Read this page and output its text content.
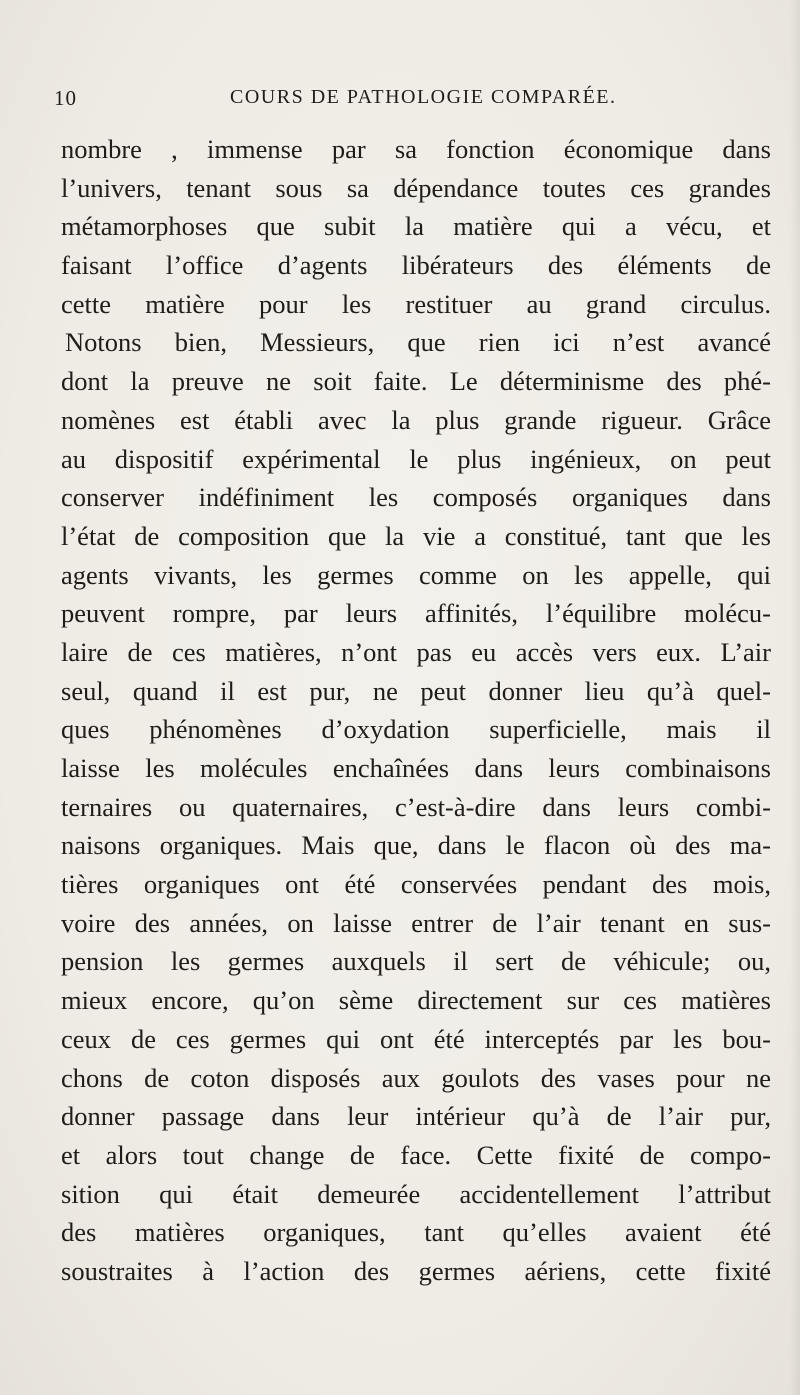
10	COURS DE PATHOLOGIE COMPARÉE.
nombre , immense par sa fonction économique dans
l’univers, tenant sous sa dépendance toutes ces grandes
métamorphoses que subit la matière qui a vécu, et
faisant l’office d’agents libérateurs des éléments de
cette matière pour les restituer au grand circulus.
Notons bien, Messieurs, que rien ici n’est avancé
dont la preuve ne soit faite. Le déterminisme des phé-
nomènes est établi avec la plus grande rigueur. Grâce
au dispositif expérimental le plus ingénieux, on peut
conserver indéfiniment les composés organiques dans
l’état de composition que la vie a constitué, tant que les
agents vivants, les germes comme on les appelle, qui
peuvent rompre, par leurs affinités, l’équilibre molécu-
laire de ces matières, n’ont pas eu accès vers eux. L’air
seul, quand il est pur, ne peut donner lieu qu’à quel-
ques phénomènes d’oxydation superficielle, mais il
laisse les molécules enchaînées dans leurs combinaisons
ternaires ou quaternaires, c’est-à-dire dans leurs combi-
naisons organiques. Mais que, dans le flacon où des ma-
tières organiques ont été conservées pendant des mois,
voire des années, on laisse entrer de l’air tenant en sus-
pension les germes auxquels il sert de véhicule; ou,
mieux encore, qu’on sème directement sur ces matières
ceux de ces germes qui ont été interceptés par les bou-
chons de coton disposés aux goulots des vases pour ne
donner passage dans leur intérieur qu’à de l’air pur,
et alors tout change de face. Cette fixité de compo-
sition qui était demeurée accidentellement l’attribut
des matières organiques, tant qu’elles avaient été
soustraites à l’action des germes aériens, cette fixité
